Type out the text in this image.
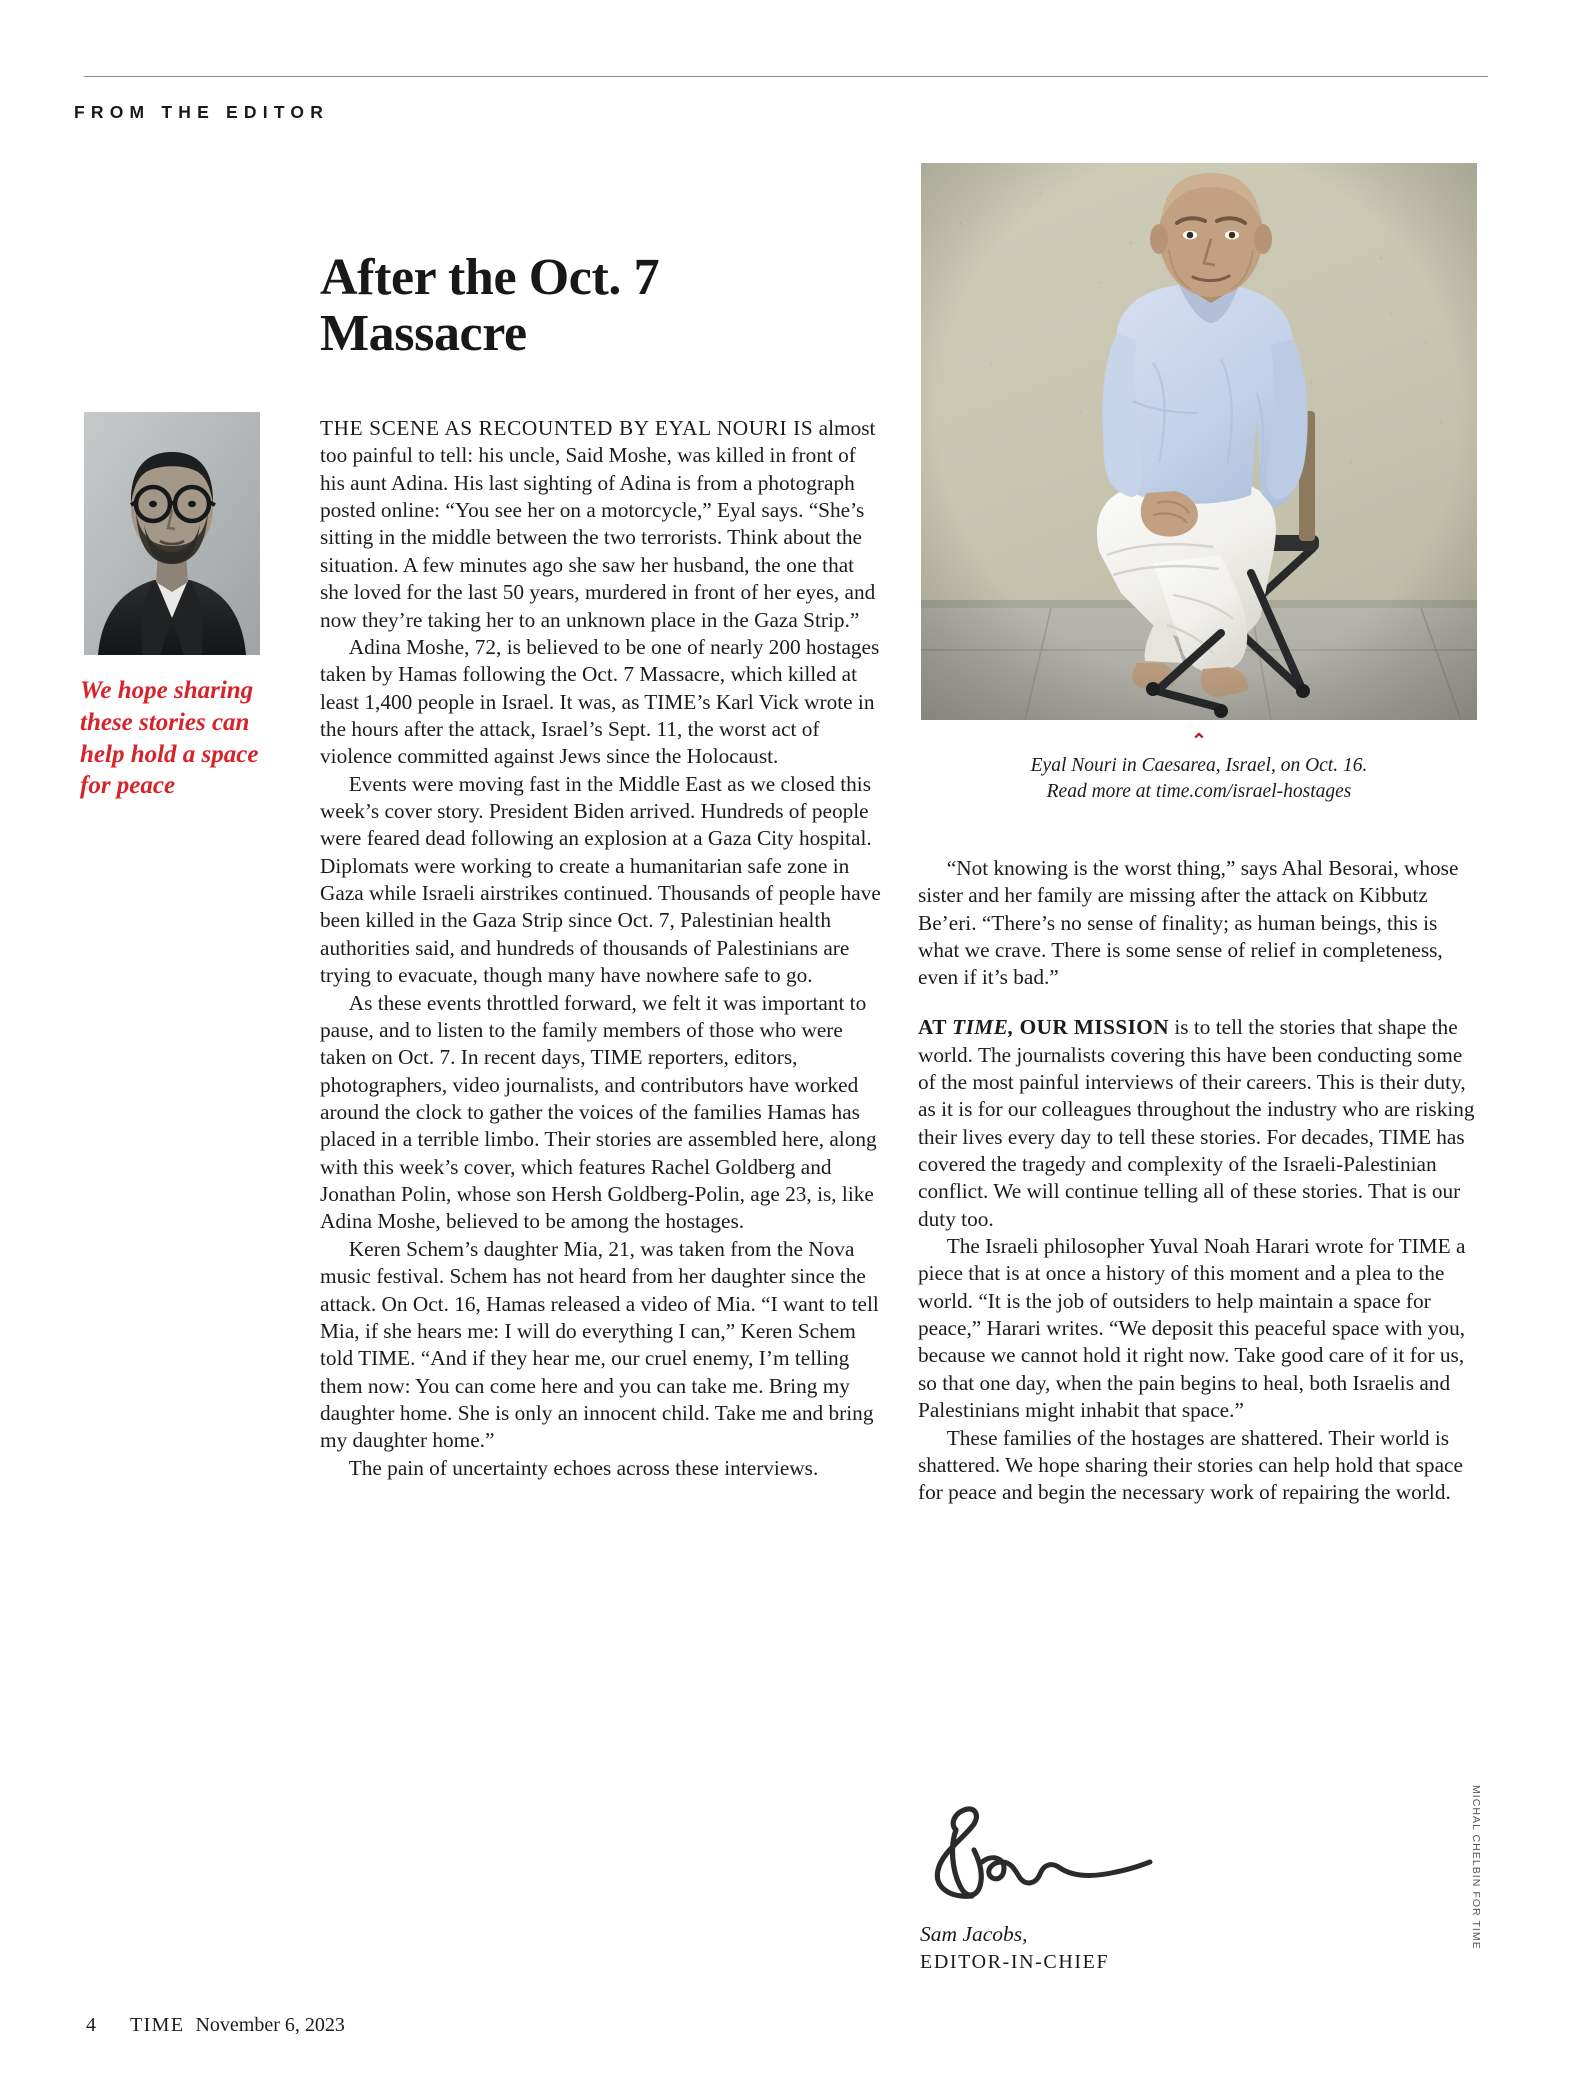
FROM THE EDITOR
After the Oct. 7
Massacre
We hope sharing these stories can help hold a space for peace

THE SCENE AS RECOUNTED BY EYAL NOURI IS almost too painful to tell: his uncle, Said Moshe, was killed in front of his aunt Adina. His last sighting of Adina is from a photograph posted online: “You see her on a motorcycle,” Eyal says. “She’s sitting in the middle between the two terrorists. Think about the situation. A few minutes ago she saw her husband, the one that she loved for the last 50 years, murdered in front of her eyes, and now they’re taking her to an unknown place in the Gaza Strip.”

Adina Moshe, 72, is believed to be one of nearly 200 hostages taken by Hamas following the Oct. 7 Massacre, which killed at least 1,400 people in Israel. It was, as TIME’s Karl Vick wrote in the hours after the attack, Israel’s Sept. 11, the worst act of violence committed against Jews since the Holocaust.

Events were moving fast in the Middle East as we closed this week’s cover story. President Biden arrived. Hundreds of people were feared dead following an explosion at a Gaza City hospital. Diplomats were working to create a humanitarian safe zone in Gaza while Israeli airstrikes continued. Thousands of people have been killed in the Gaza Strip since Oct. 7, Palestinian health authorities said, and hundreds of thousands of Palestinians are trying to evacuate, though many have nowhere safe to go.

As these events throttled forward, we felt it was important to pause, and to listen to the family members of those who were taken on Oct. 7. In recent days, TIME reporters, editors, photographers, video journalists, and contributors have worked around the clock to gather the voices of the families Hamas has placed in a terrible limbo. Their stories are assembled here, along with this week’s cover, which features Rachel Goldberg and Jonathan Polin, whose son Hersh Goldberg-Polin, age 23, is, like Adina Moshe, believed to be among the hostages.

Keren Schem’s daughter Mia, 21, was taken from the Nova music festival. Schem has not heard from her daughter since the attack. On Oct. 16, Hamas released a video of Mia. “I want to tell Mia, if she hears me: I will do everything I can,” Keren Schem told TIME. “And if they hear me, our cruel enemy, I’m telling them now: You can come here and you can take me. Bring my daughter home. She is only an innocent child. Take me and bring my daughter home.”

The pain of uncertainty echoes across these interviews.

⌃
Eyal Nouri in Caesarea, Israel, on Oct. 16.
Read more at time.com/israel-hostages

“Not knowing is the worst thing,” says Ahal Besorai, whose sister and her family are missing after the attack on Kibbutz Be’eri. “There’s no sense of finality; as human beings, this is what we crave. There is some sense of relief in completeness, even if it’s bad.”

AT TIME, OUR MISSION is to tell the stories that shape the world. The journalists covering this have been conducting some of the most painful interviews of their careers. This is their duty, as it is for our colleagues throughout the industry who are risking their lives every day to tell these stories. For decades, TIME has covered the tragedy and complexity of the Israeli-Palestinian conflict. We will continue telling all of these stories. That is our duty too.

The Israeli philosopher Yuval Noah Harari wrote for TIME a piece that is at once a history of this moment and a plea to the world. “It is the job of outsiders to help maintain a space for peace,” Harari writes. “We deposit this peaceful space with you, because we cannot hold it right now. Take good care of it for us, so that one day, when the pain begins to heal, both Israelis and Palestinians might inhabit that space.”

These families of the hostages are shattered. Their world is shattered. We hope sharing their stories can help hold that space for peace and begin the necessary work of repairing the world.

Sam Jacobs,
EDITOR-IN-CHIEF
MICHAL CHELBIN FOR TIME
4 TIME November 6, 2023
